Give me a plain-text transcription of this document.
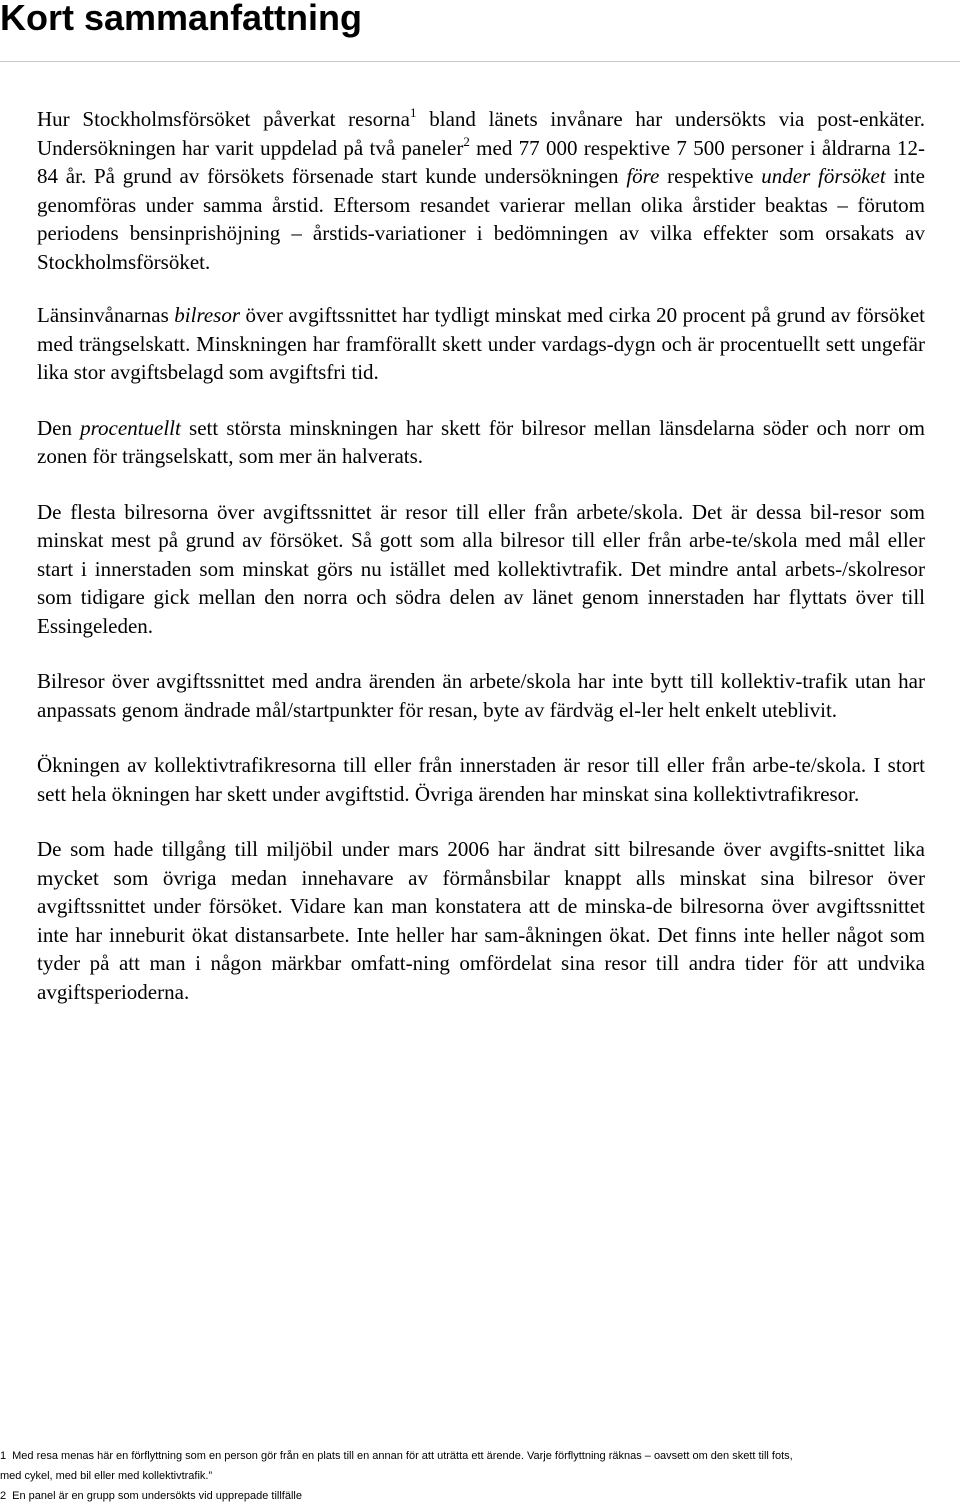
Kort sammanfattning

Hur Stockholmsförsöket påverkat resorna$^1$ bland länets invånare har undersökts via post-enkäter. Undersökningen har varit uppdelad på två paneler$^2$ med 77 000 respektive 7 500 personer i åldrarna 12-84 år. På grund av försökets försenade start kunde undersökningen före respektive under försöket inte genomföras under samma årstid. Eftersom resandet varierar mellan olika årstider beaktas – förutom periodens bensinprishöjning – årstids-variationer i bedömningen av vilka effekter som orsakats av Stockholmsförsöket.

Länsinvånarnas bilresor över avgiftssnittet har tydligt minskat med cirka 20 procent på grund av försöket med trängselskatt. Minskningen har framförallt skett under vardags-dygn och är procentuellt sett ungefär lika stor avgiftsbelagd som avgiftsfri tid.

Den procentuellt sett största minskningen har skett för bilresor mellan länsdelarna söder och norr om zonen för trängselskatt, som mer än halverats.

De flesta bilresorna över avgiftssnittet är resor till eller från arbete/skola. Det är dessa bil-resor som minskat mest på grund av försöket. Så gott som alla bilresor till eller från arbe-te/skola med mål eller start i innerstaden som minskat görs nu istället med kollektivtrafik. Det mindre antal arbets-/skolresor som tidigare gick mellan den norra och södra delen av länet genom innerstaden har flyttats över till Essingeleden.

Bilresor över avgiftssnittet med andra ärenden än arbete/skola har inte bytt till kollektiv-trafik utan har anpassats genom ändrade mål/startpunkter för resan, byte av färdväg el-ler helt enkelt uteblivit.

Ökningen av kollektivtrafikresorna till eller från innerstaden är resor till eller från arbe-te/skola. I stort sett hela ökningen har skett under avgiftstid. Övriga ärenden har minskat sina kollektivtrafikresor.

De som hade tillgång till miljöbil under mars 2006 har ändrat sitt bilresande över avgifts-snittet lika mycket som övriga medan innehavare av förmånsbilar knappt alls minskat sina bilresor över avgiftssnittet under försöket. Vidare kan man konstatera att de minska-de bilresorna över avgiftssnittet inte har inneburit ökat distansarbete. Inte heller har sam-åkningen ökat. Det finns inte heller något som tyder på att man i någon märkbar omfatt-ning omfördelat sina resor till andra tider för att undvika avgiftsperioderna.

1 Med resa menas här en förflyttning som en person gör från en plats till en annan för att uträtta ett ärende. Varje förflyttning räknas – oavsett om den skett till fots,

med cykel, med bil eller med kollektivtrafik.”

2 En panel är en grupp som undersökts vid upprepade tillfälle
